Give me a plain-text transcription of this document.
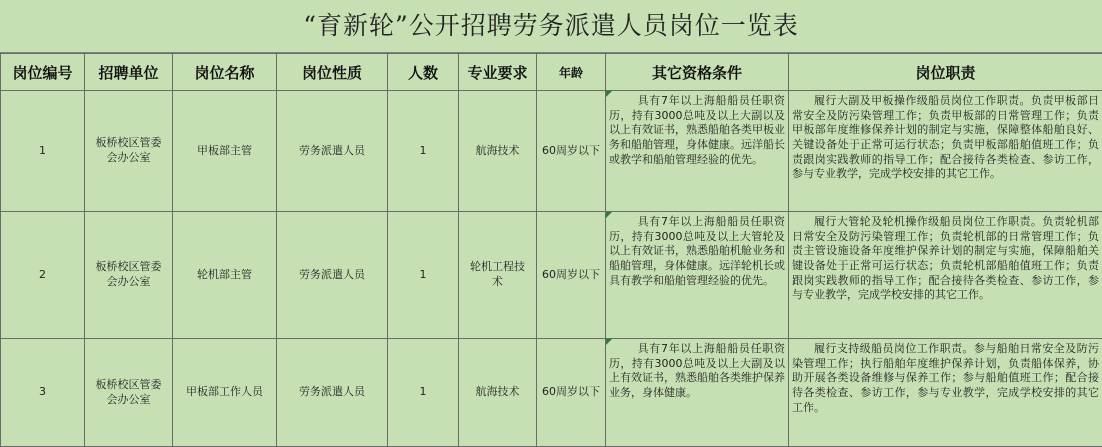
“育新轮”公开招聘劳务派遣人员岗位一览表
岗位编号	招聘单位	岗位名称	岗位性质	人数	专业要求	年龄	其它资格条件	岗位职责
1	板桥校区管委会办公室	甲板部主管	劳务派遣人员	1	航海技术	60周岁以下	具有7年以上海船船员任职资历，持有3000总吨及以上大副以及以上有效证书，熟悉船舶各类甲板业务和船舶管理，身体健康。远洋船长或教学和船舶管理经验的优先。	履行大副及甲板操作级船员岗位工作职责。负责甲板部日常安全及防污染管理工作；负责甲板部的日常管理工作；负责甲板部年度维修保养计划的制定与实施，保障整体船舶良好、关键设备处于正常可运行状态；负责甲板部船舶值班工作；负责跟岗实践教师的指导工作；配合接待各类检查、参访工作，参与专业教学，完成学校安排的其它工作。

2	板桥校区管委会办公室	轮机部主管	劳务派遣人员	1	轮机工程技术	60周岁以下	具有7年以上海船船员任职资历，持有3000总吨及以上大管轮及以上有效证书，熟悉船舶机舱业务和船舶管理，身体健康。远洋轮机长或具有教学和船舶管理经验的优先。	履行大管轮及轮机操作级船员岗位工作职责。负责轮机部日常安全及防污染管理工作；负责轮机部的日常管理工作；负责主管设施设备年度维护保养计划的制定与实施，保障船舶关键设备处于正常可运行状态；负责轮机部船舶值班工作；负责跟岗实践教师的指导工作；配合接待各类检查、参访工作，参与专业教学，完成学校安排的其它工作。

3	板桥校区管委会办公室	甲板部工作人员	劳务派遣人员	1	航海技术	60周岁以下	具有7年以上海船船员任职资历，持有3000总吨及以上大副及以上有效证书，熟悉船舶各类维护保养业务，身体健康。	履行支持级船员岗位工作职责。参与船舶日常安全及防污染管理工作；执行船舶年度维护保养计划，负责船体保养，协助开展各类设备维修与保养工作；参与船舶值班工作；配合接待各类检查、参访工作，参与专业教学，完成学校安排的其它工作。
